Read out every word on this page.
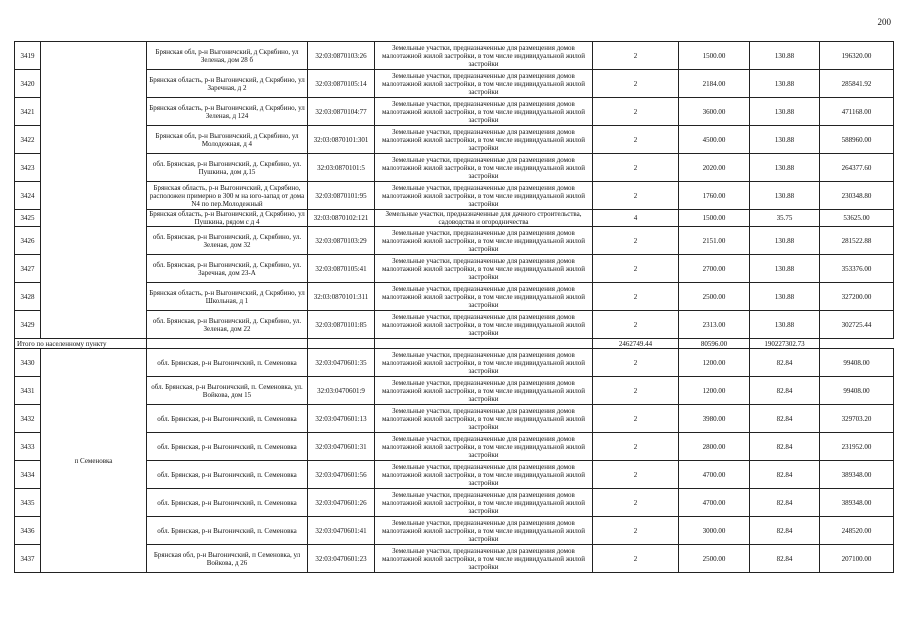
200
3419		Брянская обл, р-н Выгоничский, д Скрябино, ул Зеленая, дом 28 б	32:03:0870103:26	Земельные участки, предназначенные для размещения домов малоэтажной жилой застройки, в том числе индивидуальной жилой застройки	2	1500.00	130.88	196320.00
3420		Брянская область, р-н Выгоничский, д Скрябино, ул Заречная, д 2	32:03:0870105:14	Земельные участки, предназначенные для размещения домов малоэтажной жилой застройки, в том числе индивидуальной жилой застройки	2	2184.00	130.88	285841.92
3421		Брянская область, р-н Выгоничский, д Скрябино, ул Зеленая, д 124	32:03:0870104:77	Земельные участки, предназначенные для размещения домов малоэтажной жилой застройки, в том числе индивидуальной жилой застройки	2	3600.00	130.88	471168.00
3422		Брянская обл, р-н Выгоничский, д Скрябино, ул Молодежная, д 4	32:03:0870101:301	Земельные участки, предназначенные для размещения домов малоэтажной жилой застройки, в том числе индивидуальной жилой застройки	2	4500.00	130.88	588960.00
3423		обл. Брянская, р-н Выгоничский, д. Скрябино, ул. Пушкина, дом д.15	32:03:0870101:5	Земельные участки, предназначенные для размещения домов малоэтажной жилой застройки, в том числе индивидуальной жилой застройки	2	2020.00	130.88	264377.60
3424		Брянская область, р-н Выгоничский, д Скрябино, расположен примерно в 300 м на юго-запад от дома N4 по пер.Молодежный	32:03:0870101:95	Земельные участки, предназначенные для размещения домов малоэтажной жилой застройки, в том числе индивидуальной жилой застройки	2	1760.00	130.88	230348.80
3425		Брянская область, р-н Выгоничский, д Скрябино, ул Пушкина, рядом с д 4	32:03:0870102:121	Земельные участки, предназначенные для дачного строительства, садоводства и огородничества	4	1500.00	35.75	53625.00
3426		обл. Брянская, р-н Выгоничский, д. Скрябино, ул. Зеленая, дом 32	32:03:0870103:29	Земельные участки, предназначенные для размещения домов малоэтажной жилой застройки, в том числе индивидуальной жилой застройки	2	2151.00	130.88	281522.88
3427		обл. Брянская, р-н Выгоничский, д. Скрябино, ул. Заречная, дом 23-А	32:03:0870105:41	Земельные участки, предназначенные для размещения домов малоэтажной жилой застройки, в том числе индивидуальной жилой застройки	2	2700.00	130.88	353376.00
3428		Брянская область, р-н Выгоничский, д Скрябино, ул Школьная, д 1	32:03:0870101:311	Земельные участки, предназначенные для размещения домов малоэтажной жилой застройки, в том числе индивидуальной жилой застройки	2	2500.00	130.88	327200.00
3429		обл. Брянская, р-н Выгоничский, д. Скрябино, ул. Зеленая, дом 22	32:03:0870101:85	Земельные участки, предназначенные для размещения домов малоэтажной жилой застройки, в том числе индивидуальной жилой застройки	2	2313.00	130.88	302725.44
Итого по населенному пункту					2462749.44	80596.00	190227302.73	
3430	п Семеновка	обл. Брянская, р-н Выгоничский, п. Семеновка	32:03:0470601:35	Земельные участки, предназначенные для размещения домов малоэтажной жилой застройки, в том числе индивидуальной жилой застройки	2	1200.00	82.84	99408.00
3431		обл. Брянская, р-н Выгоничский, п. Семеновка, ул. Войкова, дом 15	32:03:0470601:9	Земельные участки, предназначенные для размещения домов малоэтажной жилой застройки, в том числе индивидуальной жилой застройки	2	1200.00	82.84	99408.00
3432		обл. Брянская, р-н Выгоничский, п. Семеновка	32:03:0470601:13	Земельные участки, предназначенные для размещения домов малоэтажной жилой застройки, в том числе индивидуальной жилой застройки	2	3980.00	82.84	329703.20
3433		обл. Брянская, р-н Выгоничский, п. Семеновка	32:03:0470601:31	Земельные участки, предназначенные для размещения домов малоэтажной жилой застройки, в том числе индивидуальной жилой застройки	2	2800.00	82.84	231952.00
3434		обл. Брянская, р-н Выгоничский, п. Семеновка	32:03:0470601:56	Земельные участки, предназначенные для размещения домов малоэтажной жилой застройки, в том числе индивидуальной жилой застройки	2	4700.00	82.84	389348.00
3435		обл. Брянская, р-н Выгоничский, п. Семеновка	32:03:0470601:26	Земельные участки, предназначенные для размещения домов малоэтажной жилой застройки, в том числе индивидуальной жилой застройки	2	4700.00	82.84	389348.00
3436		обл. Брянская, р-н Выгоничский, п. Семеновка	32:03:0470601:41	Земельные участки, предназначенные для размещения домов малоэтажной жилой застройки, в том числе индивидуальной жилой застройки	2	3000.00	82.84	248520.00
3437		Брянская обл, р-н Выгоничский, п Семеновка, ул Войкова, д 26	32:03:0470601:23	Земельные участки, предназначенные для размещения домов малоэтажной жилой застройки, в том числе индивидуальной жилой застройки	2	2500.00	82.84	207100.00
